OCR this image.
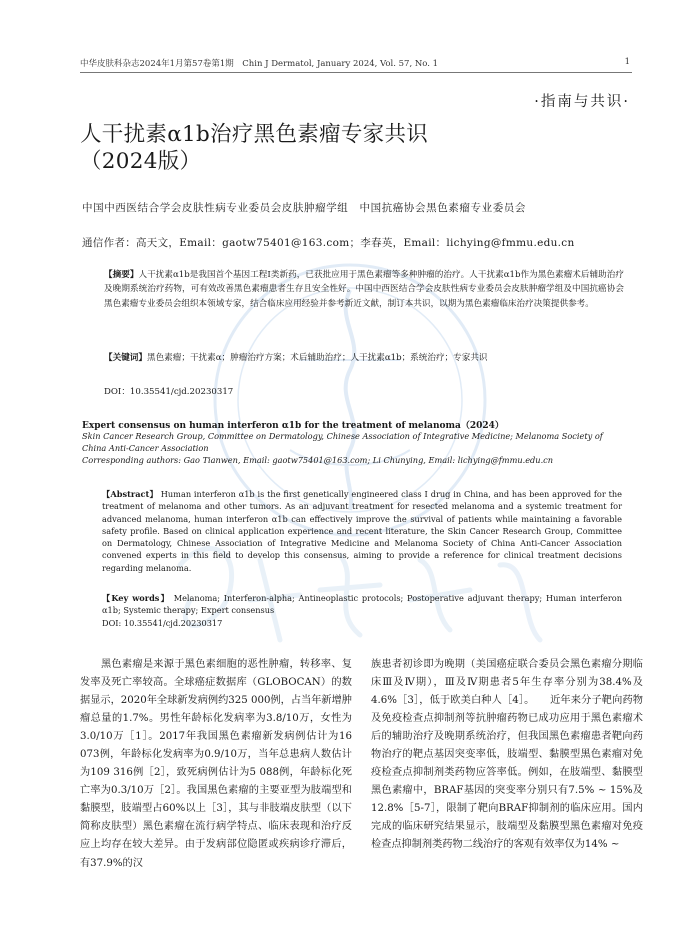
中华皮肤科杂志2024年1月第57卷第1期　Chin J Dermatol, January 2024, Vol. 57, No. 1	1
·指南与共识·
人干扰素α1b治疗黑色素瘤专家共识
（2024版）
中国中西医结合学会皮肤性病专业委员会皮肤肿瘤学组　中国抗癌协会黑色素瘤专业委员会
通信作者：高天文，Email：gaotw75401@163.com；李春英，Email：lichying@fmmu.edu.cn
【摘要】人干扰素α1b是我国首个基因工程Ⅰ类新药，已获批应用于黑色素瘤等多种肿瘤的治疗。人干扰素α1b作为黑色素瘤术后辅助治疗及晚期系统治疗药物，可有效改善黑色素瘤患者生存且安全性好。中国中西医结合学会皮肤性病专业委员会皮肤肿瘤学组及中国抗癌协会黑色素瘤专业委员会组织本领域专家，结合临床应用经验并参考新近文献，制订本共识，以期为黑色素瘤临床治疗决策提供参考。
【关键词】黑色素瘤；干扰素α；肿瘤治疗方案；术后辅助治疗；人干扰素α1b；系统治疗；专家共识
DOI：10.35541/cjd.20230317
Expert consensus on human interferon α1b for the treatment of melanoma（2024）
Skin Cancer Research Group, Committee on Dermatology, Chinese Association of Integrative Medicine; Melanoma Society of China Anti-Cancer Association
Corresponding authors: Gao Tianwen, Email: gaotw75401@163.com; Li Chunying, Email: lichying@fmmu.edu.cn
【Abstract】 Human interferon α1b is the first genetically engineered class Ⅰ drug in China, and has been approved for the treatment of melanoma and other tumors. As an adjuvant treatment for resected melanoma and a systemic treatment for advanced melanoma, human interferon α1b can effectively improve the survival of patients while maintaining a favorable safety profile. Based on clinical application experience and recent literature, the Skin Cancer Research Group, Committee on Dermatology, Chinese Association of Integrative Medicine and Melanoma Society of China Anti-Cancer Association convened experts in this field to develop this consensus, aiming to provide a reference for clinical treatment decisions regarding melanoma.
【Key words】 Melanoma; Interferon-alpha; Antineoplastic protocols; Postoperative adjuvant therapy; Human interferon α1b; Systemic therapy; Expert consensus
DOI: 10.35541/cjd.20230317
　　黑色素瘤是来源于黑色素细胞的恶性肿瘤，转移率、复发率及死亡率较高。全球癌症数据库（GLOBOCAN）的数据显示，2020年全球新发病例约325 000例，占当年新增肿瘤总量的1.7%。男性年龄标化发病率为3.8/10万，女性为3.0/10万［1］。2017年我国黑色素瘤新发病例估计为16 073例，年龄标化发病率为0.9/10万，当年总患病人数估计为109 316例［2］，致死病例估计为5 088例，年龄标化死亡率为0.3/10万［2］。我国黑色素瘤的主要亚型为肢端型和黏膜型，肢端型占60%以上［3］，其与非肢端皮肤型（以下简称皮肤型）黑色素瘤在流行病学特点、临床表现和治疗反应上均存在较大差异。由于发病部位隐匿或疾病诊疗滞后，有37.9%的汉
族患者初诊即为晚期（美国癌症联合委员会黑色素瘤分期临床Ⅲ及Ⅳ期），Ⅲ及Ⅳ期患者5年生存率分别为38.4%及4.6%［3］，低于欧美白种人［4］。　　近年来分子靶向药物及免疫检查点抑制剂等抗肿瘤药物已成功应用于黑色素瘤术后的辅助治疗及晚期系统治疗，但我国黑色素瘤患者靶向药物治疗的靶点基因突变率低，肢端型、黏膜型黑色素瘤对免疫检查点抑制剂类药物应答率低。例如，在肢端型、黏膜型黑色素瘤中，BRAF基因的突变率分别只有7.5% ~ 15%及12.8%［5-7］，限制了靶向BRAF抑制剂的临床应用。国内完成的临床研究结果显示，肢端型及黏膜型黑色素瘤对免疫检查点抑制剂类药物二线治疗的客观有效率仅为14% ~
